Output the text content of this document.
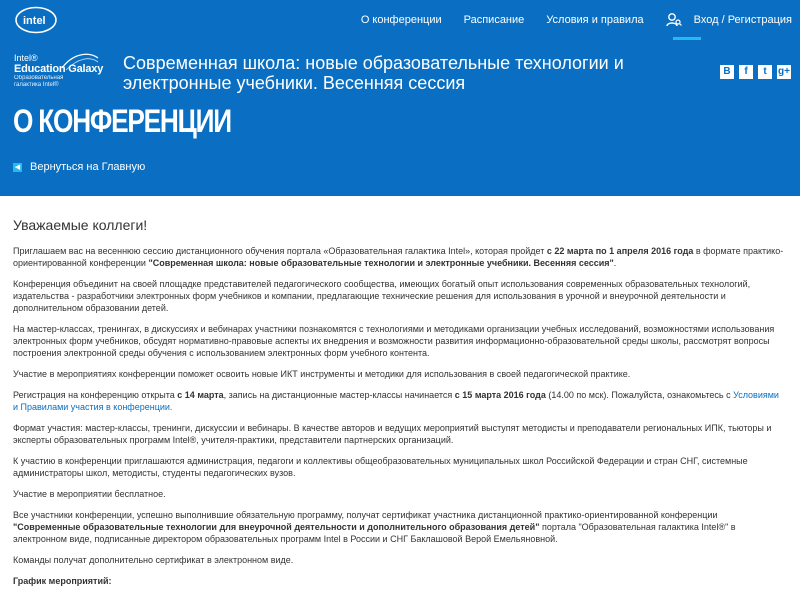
intel	О конференции Расписание Условия и правила	Вход / Регистрация
Intel®
Education Galaxy
Образовательная
галактика Intel®
Современная школа: новые образовательные технологии и электронные учебники. Весенняя сессия
В	f	t	g+
О КОНФЕРЕНЦИИ
◀ Вернуться на Главную
Уважаемые коллеги!

Приглашаем вас на весеннюю сессию дистанционного обучения портала «Образовательная галактика Intel», которая пройдет с 22 марта по 1 апреля 2016 года в формате практико-ориентированной конференции "Современная школа: новые образовательные технологии и электронные учебники. Весенняя сессия".

Конференция объединит на своей площадке представителей педагогического сообщества, имеющих богатый опыт использования современных образовательных технологий, издательства - разработчики электронных форм учебников и компании, предлагающие технические решения для использования в урочной и внеурочной деятельности и дополнительном образовании детей.

На мастер-классах, тренингах, в дискуссиях и вебинарах участники познакомятся с технологиями и методиками организации учебных исследований, возможностями использования электронных форм учебников, обсудят нормативно-правовые аспекты их внедрения и возможности развития информационно-образовательной среды школы, рассмотрят вопросы построения электронной среды обучения с использованием электронных форм учебного контента.

Участие в мероприятиях конференции поможет освоить новые ИКТ инструменты и методики для использования в своей педагогической практике.

Регистрация на конференцию открыта с 14 марта, запись на дистанционные мастер-классы начинается с 15 марта 2016 года (14.00 по мск). Пожалуйста, ознакомьтесь с Условиями и Правилами участия в конференции.

Формат участия: мастер-классы, тренинги, дискуссии и вебинары. В качестве авторов и ведущих мероприятий выступят методисты и преподаватели региональных ИПК, тьюторы и эксперты образовательных программ Intel®, учителя-практики, представители партнерских организаций.

К участию в конференции приглашаются администрация, педагоги и коллективы общеобразовательных муниципальных школ Российской Федерации и стран СНГ, системные администраторы школ, методисты, студенты педагогических вузов.

Участие в мероприятии бесплатное.

Все участники конференции, успешно выполнившие обязательную программу, получат сертификат участника дистанционной практико-ориентированной конференции "Современные образовательные технологии для внеурочной деятельности и дополнительного образования детей" портала "Образовательная галактика Intel®" в электронном виде, подписанные директором образовательных программ Intel в России и СНГ Баклашовой Верой Емельяновной.

Команды получат дополнительно сертификат в электронном виде.

График мероприятий:
